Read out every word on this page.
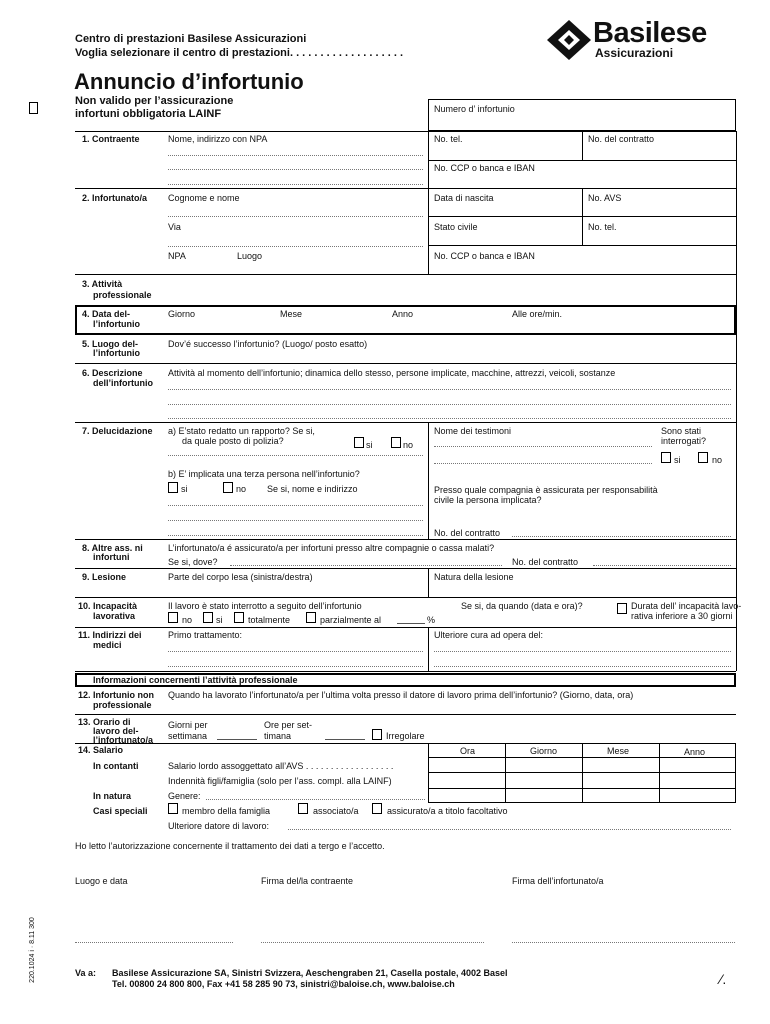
Centro di prestazioni Basilese Assicurazioni
Voglia selezionare il centro di prestazioni. . . . . . . . . . . . . . . . . . .
Basilese
Assicurazioni
Annuncio d’infortunio
Non valido per l’assicurazione
infortuni obbligatoria LAINF	Numero d’ infortunio
1. Contraente	Nome, indirizzo con NPA	No. tel.	No. del contratto
No. CCP o banca e IBAN
2. Infortunato/a Cognome e nome
Via
NPA	Luogo
Data di nascita	No. AVS
Stato civile	No. tel.
No. CCP o banca e IBAN
3. Attività
professionale
4. Data del-
l’infortunio
Giorno	Mese	Anno	Alle ore/min.
5. Luogo del-
l’infortunio
Dov’é successo l’infortunio? (Luogo/ posto esatto)
6. Descrizione
dell’infortunio
Attività al momento dell’infortunio; dinamica dello stesso, persone implicate, macchine, attrezzi, veicoli, sostanze
7. Delucidazione a) E’stato redatto un rapporto? Se si,
da quale posto di polizia?	si	no
b) E’ implicata una terza persona nell’infortunio?
si	no Se si, nome e indirizzo
Nome dei testimoni	Sono stati
interrogati?
si	no
Presso quale compagnia è assicurata per responsabilità
civile la persona implicata?
No. del contratto
8. Altre ass. ni
infortuni
L’infortunato/a é assicurato/a per infortuni presso altre compagnie o cassa malati?
Se si, dove?	No. del contratto
9. Lesione	Parte del corpo lesa (sinistra/destra)	Natura della lesione
10. Incapacità
lavorativa
Il lavoro è stato interrotto a seguito dell’infortunio
no	si	totalmente	parzialmente al	%
Se si, da quando (data e ora)?	Durata dell’ incapacità lavo-
rativa inferiore a 30 giorni
11. Indirizzi dei
medici
Primo trattamento:	Ulteriore cura ad opera del:
Informazioni concernenti l’attività professionale
12. Infortunio non
professionale
Quando ha lavorato l’infortunato/a per l’ultima volta presso il datore di lavoro prima dell’infortunio? (Giorno, data, ora)
13. Orario di
lavoro del-
l’infortunato/a
Giorni per
settimana
Ore per set-
timana	Irregolare
14. Salario	Ora	Giorno	Mese	Anno
In contanti	Salario lordo assoggettato all’AVS . . . . . . . . . . . . . . . . . .
Indennità figli/famiglia (solo per l’ass. compl. alla LAINF)
In natura	Genere:
Casi speciali	membro della famiglia	associato/a	assicurato/a a titolo facoltativo
Ulteriore datore di lavoro:
Ho letto l’autorizzazione concernente il trattamento dei dati a tergo e l’accetto.
Luogo e data	Firma del/la contraente	Firma dell’infortunato/a
220.1024 i · 8.11 300	Va a: Basilese Assicurazione SA, Sinistri Svizzera, Aeschengraben 21, Casella postale, 4002 Basel
Tel. 00800 24 800 800, Fax +41 58 285 90 73, sinistri@baloise.ch, www.baloise.ch	⁄.
